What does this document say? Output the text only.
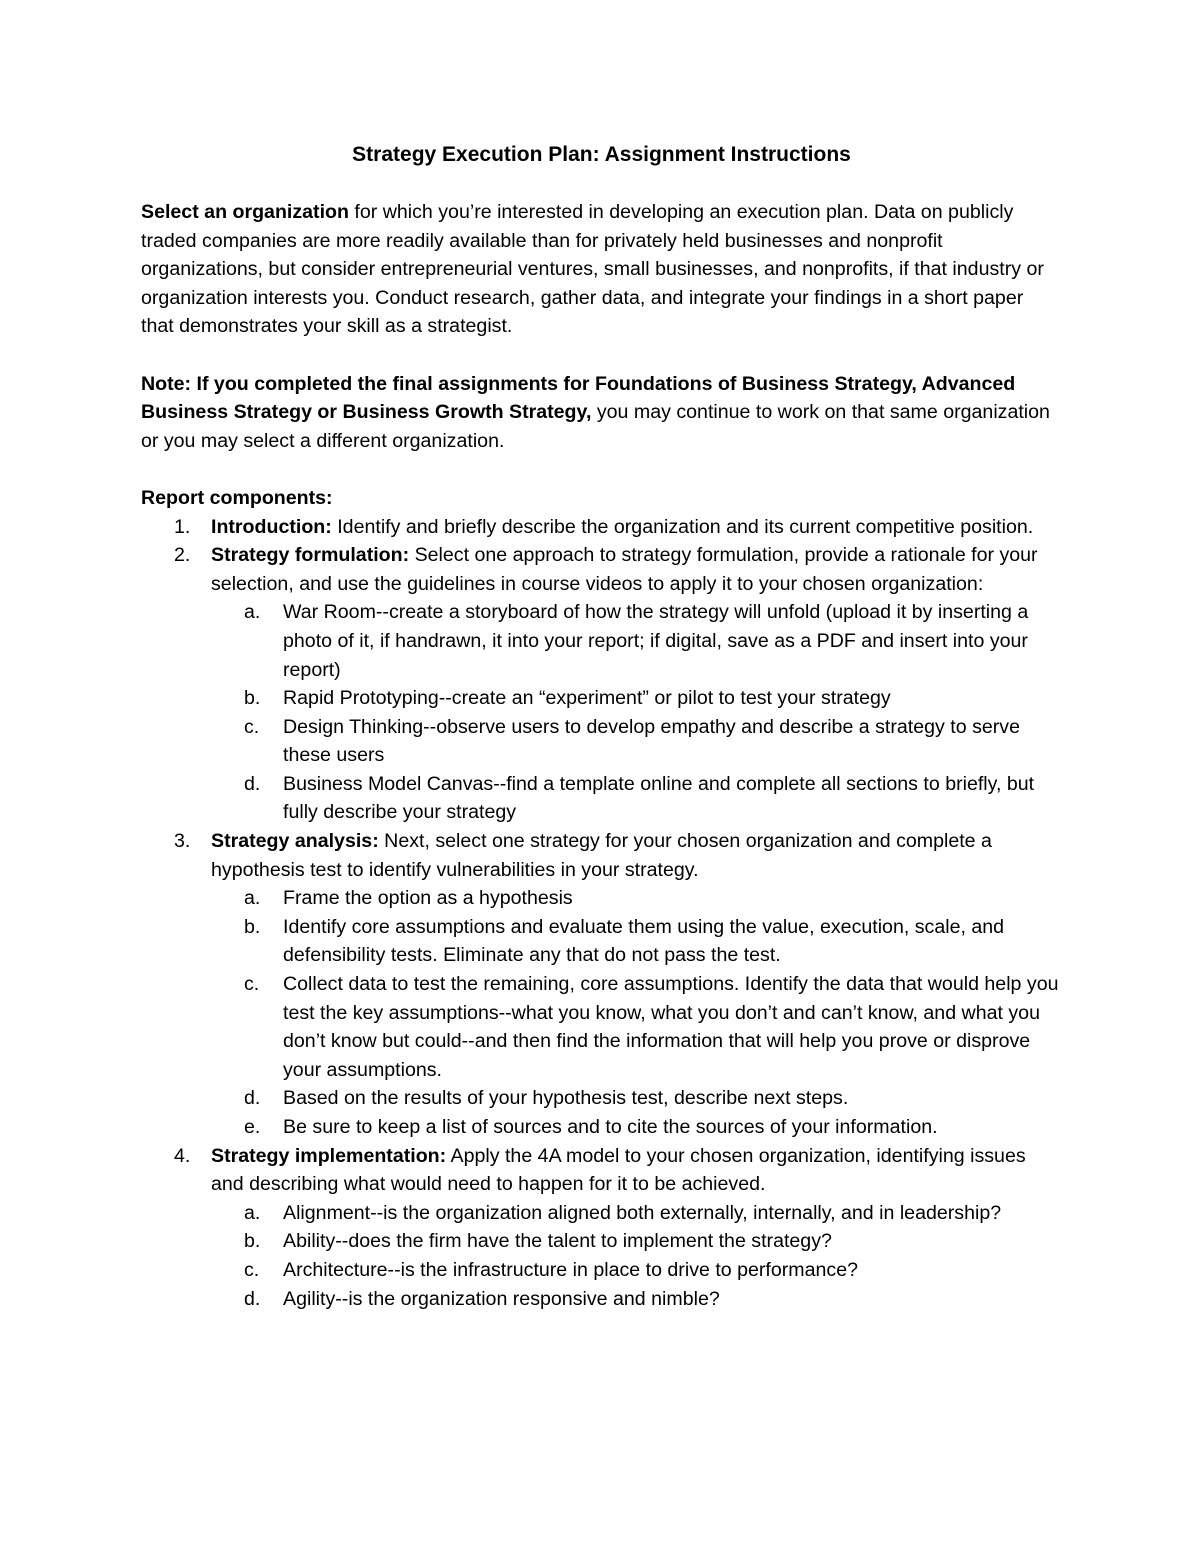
Strategy Execution Plan: Assignment Instructions

Select an organization for which you’re interested in developing an execution plan. Data on publicly traded companies are more readily available than for privately held businesses and nonprofit organizations, but consider entrepreneurial ventures, small businesses, and nonprofits, if that industry or organization interests you. Conduct research, gather data, and integrate your findings in a short paper that demonstrates your skill as a strategist.

Note: If you completed the final assignments for Foundations of Business Strategy, Advanced Business Strategy or Business Growth Strategy, you may continue to work on that same organization or you may select a different organization.

Report components:

1. Introduction: Identify and briefly describe the organization and its current competitive position.
2. Strategy formulation: Select one approach to strategy formulation, provide a rationale for your selection, and use the guidelines in course videos to apply it to your chosen organization:
a. War Room--create a storyboard of how the strategy will unfold (upload it by inserting a photo of it, if handrawn, it into your report; if digital, save as a PDF and insert into your report)
b. Rapid Prototyping--create an “experiment” or pilot to test your strategy
c. Design Thinking--observe users to develop empathy and describe a strategy to serve these users
d. Business Model Canvas--find a template online and complete all sections to briefly, but fully describe your strategy
3. Strategy analysis: Next, select one strategy for your chosen organization and complete a hypothesis test to identify vulnerabilities in your strategy.
a. Frame the option as a hypothesis
b. Identify core assumptions and evaluate them using the value, execution, scale, and defensibility tests. Eliminate any that do not pass the test.
c. Collect data to test the remaining, core assumptions. Identify the data that would help you test the key assumptions--what you know, what you don’t and can’t know, and what you don’t know but could--and then find the information that will help you prove or disprove your assumptions.
d. Based on the results of your hypothesis test, describe next steps.
e. Be sure to keep a list of sources and to cite the sources of your information.
4. Strategy implementation: Apply the 4A model to your chosen organization, identifying issues and describing what would need to happen for it to be achieved.
a. Alignment--is the organization aligned both externally, internally, and in leadership?
b. Ability--does the firm have the talent to implement the strategy?
c. Architecture--is the infrastructure in place to drive to performance?
d. Agility--is the organization responsive and nimble?
